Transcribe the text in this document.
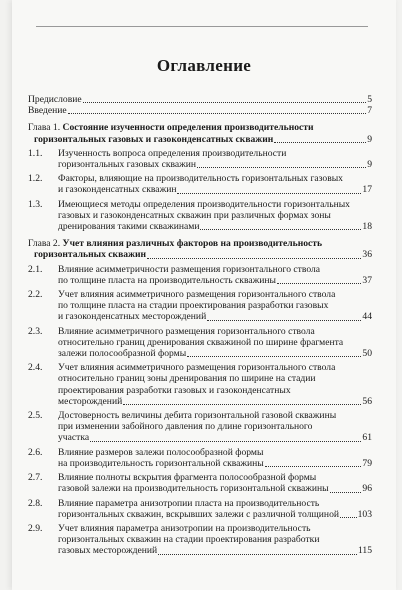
Оглавление
Предисловие	5
Введение	7
Глава 1. Состояние изученности определения производительности
горизонтальных газовых и газоконденсатных скважин	9
1.1.	Изученность вопроса определения производительности
горизонтальных газовых скважин	9
1.2.	Факторы, влияющие на производительность горизонтальных газовых
и газоконденсатных скважин	17
1.3.	Имеющиеся методы определения производительности горизонтальных
газовых и газоконденсатных скважин при различных формах зоны
дренирования такими скважинами	18
Глава 2. Учет влияния различных факторов на производительность
горизонтальных скважин	36
2.1.	Влияние асимметричности размещения горизонтального ствола
по толщине пласта на производительность скважины	37
2.2.	Учет влияния асимметричного размещения горизонтального ствола
по толщине пласта на стадии проектирования разработки газовых
и газоконденсатных месторождений	44
2.3.	Влияние асимметричного размещения горизонтального ствола
относительно границ дренирования скважиной по ширине фрагмента
залежи полосообразной формы	50
2.4.	Учет влияния асимметричного размещения горизонтального ствола
относительно границ зоны дренирования по ширине на стадии
проектирования разработки газовых и газоконденсатных
месторождений	56
2.5.	Достоверность величины дебита горизонтальной газовой скважины
при изменении забойного давления по длине горизонтального
участка	61
2.6.	Влияние размеров залежи полосообразной формы
на производительность горизонтальной скважины	79
2.7.	Влияние полноты вскрытия фрагмента полосообразной формы
газовой залежи на производительность горизонтальной скважины	96
2.8.	Влияние параметра анизотропии пласта на производительность
горизонтальных скважин, вскрывших залежи с различной толщиной 103
2.9.	Учет влияния параметра анизотропии на производительность
горизонтальных скважин на стадии проектирования разработки
газовых месторождений	115
